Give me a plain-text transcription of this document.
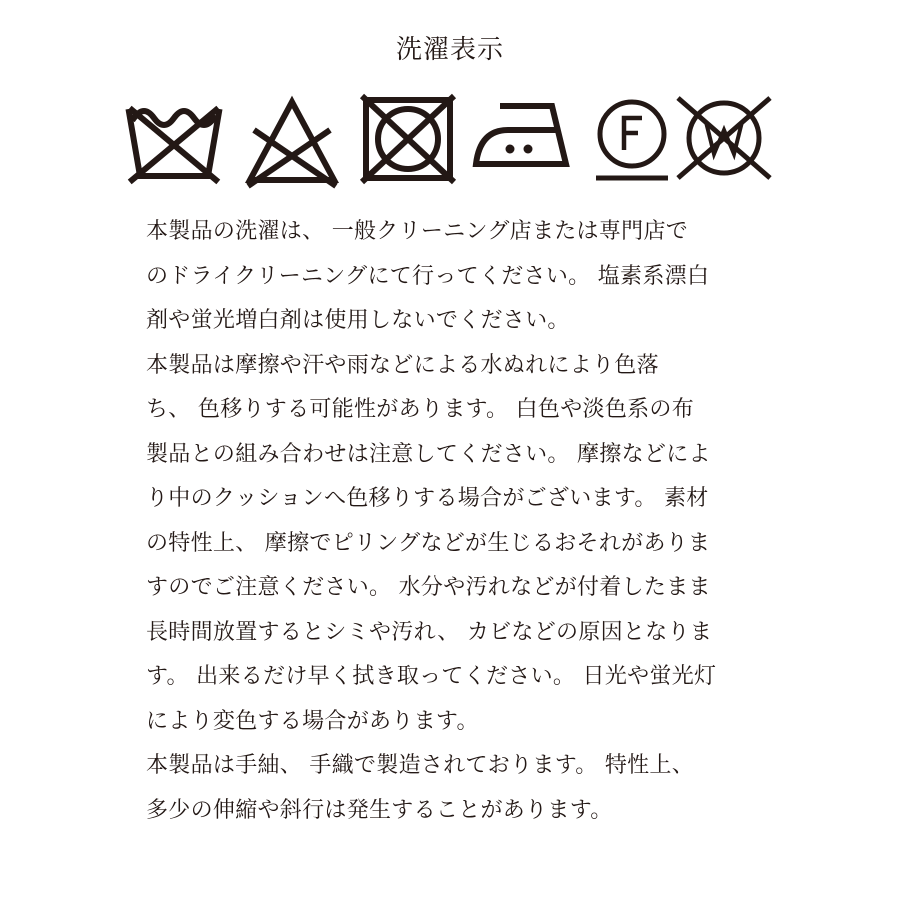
洗濯表示

本製品の洗濯は、 一般クリーニング店または専門店で
のドライクリーニングにて行ってください。 塩素系漂白
剤や蛍光増白剤は使用しないでください。

本製品は摩擦や汗や雨などによる水ぬれにより色落
ち、 色移りする可能性があります。 白色や淡色系の布
製品との組み合わせは注意してください。 摩擦などによ
り中のクッションへ色移りする場合がございます。 素材
の特性上、 摩擦でピリングなどが生じるおそれがありま
すのでご注意ください。 水分や汚れなどが付着したまま
長時間放置するとシミや汚れ、 カビなどの原因となりま
す。 出来るだけ早く拭き取ってください。 日光や蛍光灯
により変色する場合があります。

本製品は手紬、 手織で製造されております。 特性上、
多少の伸縮や斜行は発生することがあります。
